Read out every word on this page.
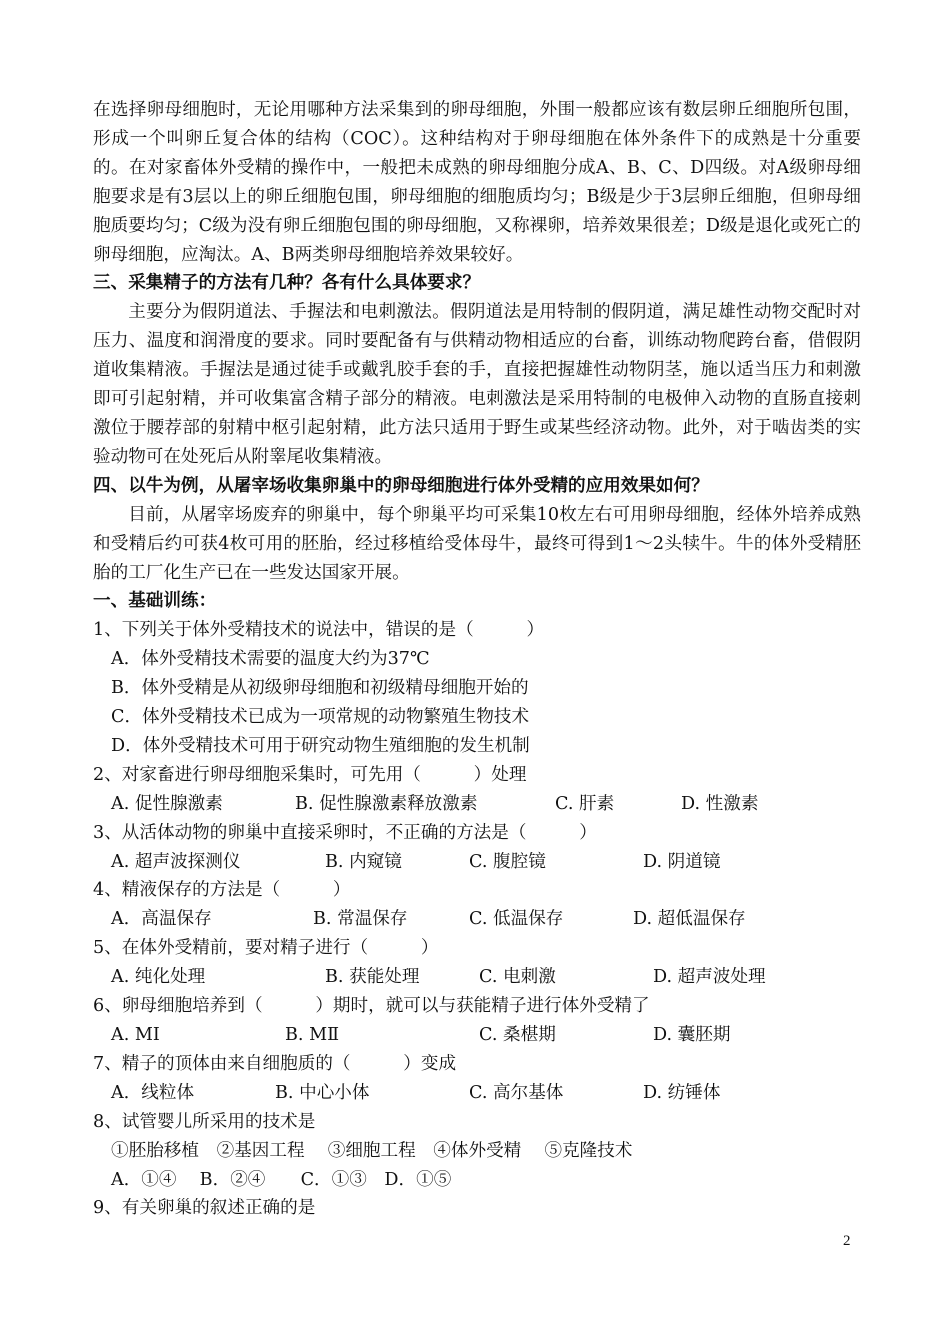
在选择卵母细胞时，无论用哪种方法采集到的卵母细胞，外围一般都应该有数层卵丘细胞所包围，形成一个叫卵丘复合体的结构（COC）。这种结构对于卵母细胞在体外条件下的成熟是十分重要的。在对家畜体外受精的操作中，一般把未成熟的卵母细胞分成A、B、C、D四级。对A级卵母细胞要求是有3层以上的卵丘细胞包围，卵母细胞的细胞质均匀；B级是少于3层卵丘细胞，但卵母细胞质要均匀；C级为没有卵丘细胞包围的卵母细胞，又称裸卵，培养效果很差；D级是退化或死亡的卵母细胞，应淘汰。A、B两类卵母细胞培养效果较好。

三、采集精子的方法有几种？各有什么具体要求？

主要分为假阴道法、手握法和电刺激法。假阴道法是用特制的假阴道，满足雄性动物交配时对压力、温度和润滑度的要求。同时要配备有与供精动物相适应的台畜，训练动物爬跨台畜，借假阴道收集精液。手握法是通过徒手或戴乳胶手套的手，直接把握雄性动物阴茎，施以适当压力和刺激即可引起射精，并可收集富含精子部分的精液。电刺激法是采用特制的电极伸入动物的直肠直接刺激位于腰荐部的射精中枢引起射精，此方法只适用于野生或某些经济动物。此外，对于啮齿类的实验动物可在处死后从附睾尾收集精液。

四、以牛为例，从屠宰场收集卵巢中的卵母细胞进行体外受精的应用效果如何？

目前，从屠宰场废弃的卵巢中，每个卵巢平均可采集10枚左右可用卵母细胞，经体外培养成熟和受精后约可获4枚可用的胚胎，经过移植给受体母牛，最终可得到1～2头犊牛。牛的体外受精胚胎的工厂化生产已在一些发达国家开展。

一、基础训练：

1、下列关于体外受精技术的说法中，错误的是（　　　）

A．体外受精技术需要的温度大约为37℃

B．体外受精是从初级卵母细胞和初级精母细胞开始的

C．体外受精技术已成为一项常规的动物繁殖生物技术

D．体外受精技术可用于研究动物生殖细胞的发生机制

2、对家畜进行卵母细胞采集时，可先用（　　　）处理

A. 促性腺激素	B. 促性腺激素释放激素	C. 肝素	D. 性激素

3、从活体动物的卵巢中直接采卵时，不正确的方法是（　　　）

A. 超声波探测仪	B. 内窥镜	C. 腹腔镜	D. 阴道镜

4、精液保存的方法是（　　　）

A．高温保存	B. 常温保存	C. 低温保存	D. 超低温保存

5、在体外受精前，要对精子进行（　　　）

A. 纯化处理	B. 获能处理	C. 电刺激	D. 超声波处理

6、卵母细胞培养到（　　　）期时，就可以与获能精子进行体外受精了

A. MⅠ	B. MⅡ	C. 桑椹期	D. 囊胚期

7、精子的顶体由来自细胞质的（　　　）变成

A．线粒体	B. 中心小体	C. 高尔基体	D. 纺锤体

8、试管婴儿所采用的技术是

①胚胎移植　②基因工程　 ③细胞工程　④体外受精　 ⑤克隆技术

A．①④　 B．②④　　C．①③　D．①⑤

9、有关卵巢的叙述正确的是

2
